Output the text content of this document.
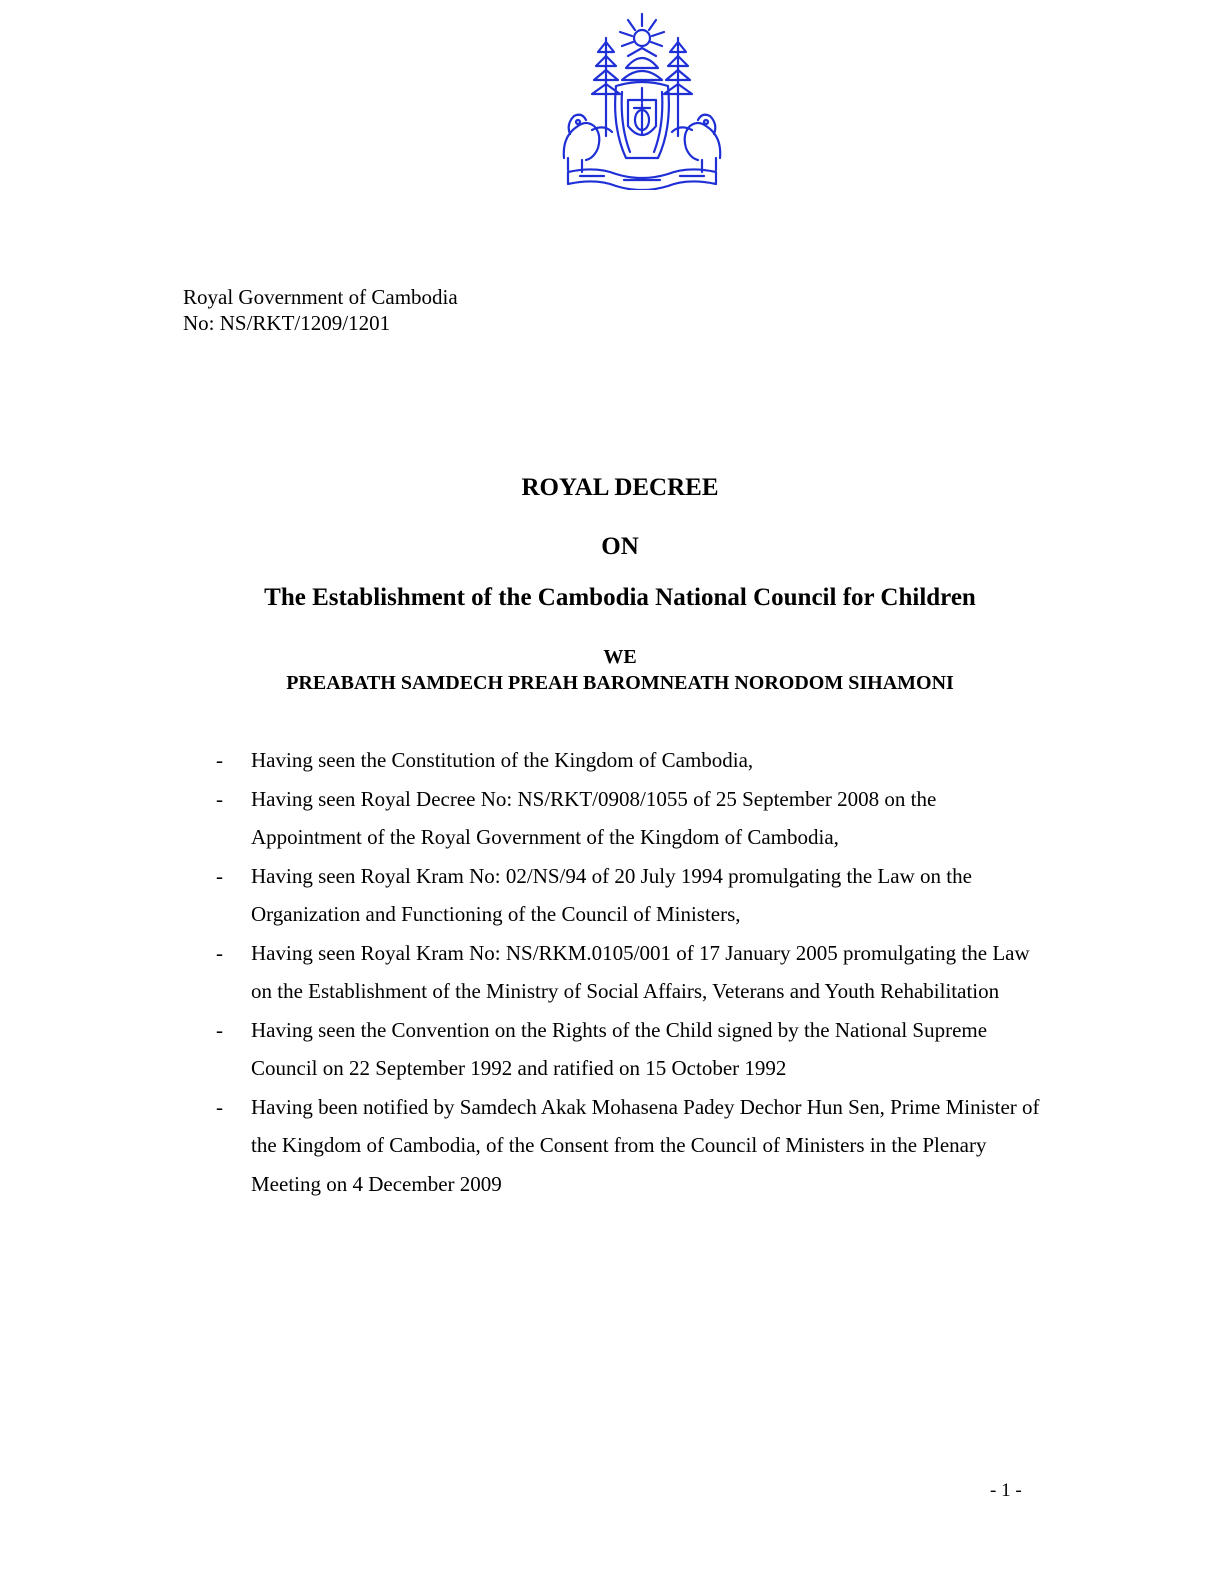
Royal Government of Cambodia
No: NS/RKT/1209/1201
ROYAL DECREE
ON
The Establishment of the Cambodia National Council for Children
WE
PREABATH SAMDECH PREAH BAROMNEATH NORODOM SIHAMONI
- Having seen the Constitution of the Kingdom of Cambodia,
- Having seen Royal Decree No: NS/RKT/0908/1055 of 25 September 2008 on the Appointment of the Royal Government of the Kingdom of Cambodia,
- Having seen Royal Kram No: 02/NS/94 of 20 July 1994 promulgating the Law on the Organization and Functioning of the Council of Ministers,
- Having seen Royal Kram No: NS/RKM.0105/001 of 17 January 2005 promulgating the Law on the Establishment of the Ministry of Social Affairs, Veterans and Youth Rehabilitation
- Having seen the Convention on the Rights of the Child signed by the National Supreme Council on 22 September 1992 and ratified on 15 October 1992
- Having been notified by Samdech Akak Mohasena Padey Dechor Hun Sen, Prime Minister of the Kingdom of Cambodia, of the Consent from the Council of Ministers in the Plenary Meeting on 4 December 2009
- 1 -
